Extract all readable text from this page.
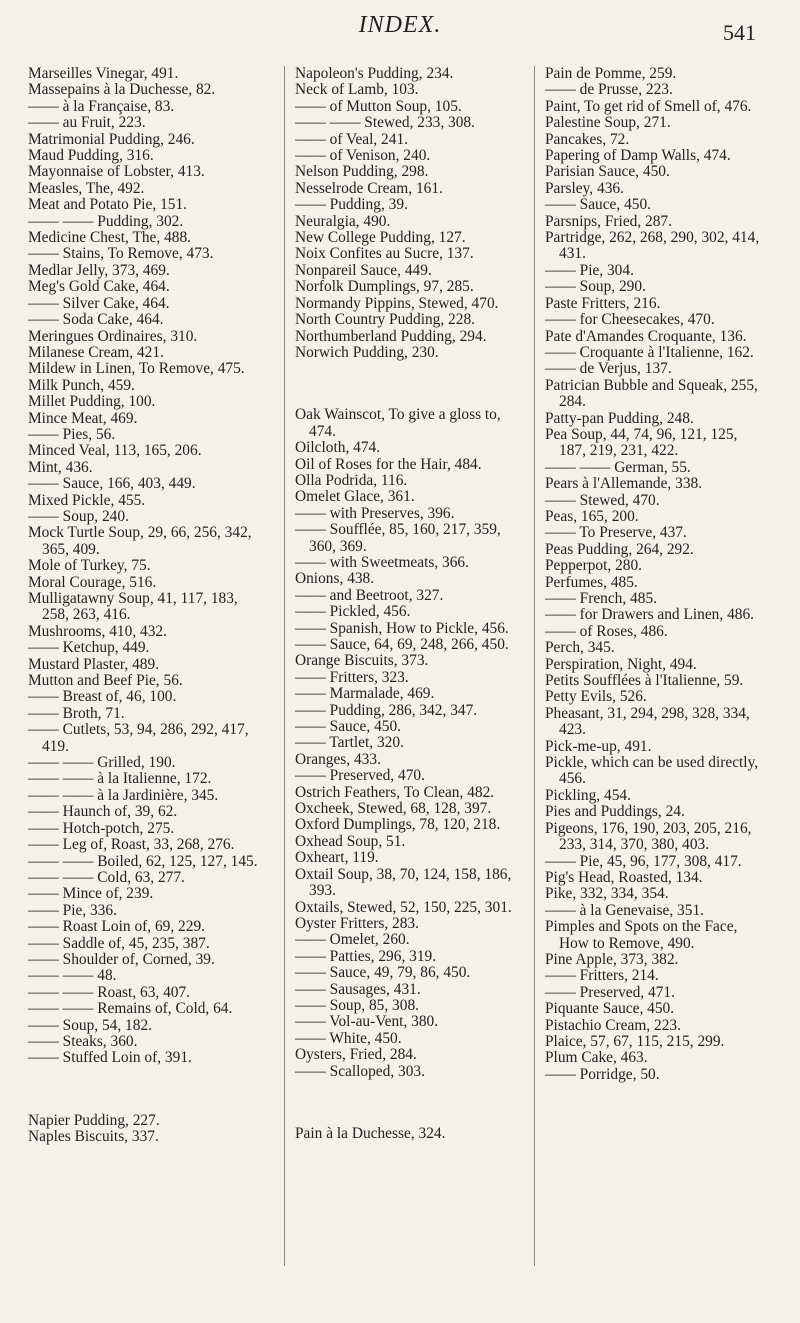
INDEX.	541

Marseilles Vinegar, 491.

Massepains à la Duchesse, 82.

—— à la Française, 83.

—— au Fruit, 223.

Matrimonial Pudding, 246.

Maud Pudding, 316.

Mayonnaise of Lobster, 413.

Measles, The, 492.

Meat and Potato Pie, 151.

—— —— Pudding, 302.

Medicine Chest, The, 488.

—— Stains, To Remove, 473.

Medlar Jelly, 373, 469.

Meg's Gold Cake, 464.

—— Silver Cake, 464.

—— Soda Cake, 464.

Meringues Ordinaires, 310.

Milanese Cream, 421.

Mildew in Linen, To Remove, 475.

Milk Punch, 459.

Millet Pudding, 100.

Mince Meat, 469.

—— Pies, 56.

Minced Veal, 113, 165, 206.

Mint, 436.

—— Sauce, 166, 403, 449.

Mixed Pickle, 455.

—— Soup, 240.

Mock Turtle Soup, 29, 66, 256, 342, 365, 409.

Mole of Turkey, 75.

Moral Courage, 516.

Mulligatawny Soup, 41, 117, 183, 258, 263, 416.

Mushrooms, 410, 432.

—— Ketchup, 449.

Mustard Plaster, 489.

Mutton and Beef Pie, 56.

—— Breast of, 46, 100.

—— Broth, 71.

—— Cutlets, 53, 94, 286, 292, 417, 419.

—— —— Grilled, 190.

—— —— à la Italienne, 172.

—— —— à la Jardinière, 345.

—— Haunch of, 39, 62.

—— Hotch-potch, 275.

—— Leg of, Roast, 33, 268, 276.

—— —— Boiled, 62, 125, 127, 145.

—— —— Cold, 63, 277.

—— Mince of, 239.

—— Pie, 336.

—— Roast Loin of, 69, 229.

—— Saddle of, 45, 235, 387.

—— Shoulder of, Corned, 39.

—— —— 48.

—— —— Roast, 63, 407.

—— —— Remains of, Cold, 64.

—— Soup, 54, 182.

—— Steaks, 360.

—— Stuffed Loin of, 391.

Napier Pudding, 227.

Naples Biscuits, 337.

Napoleon's Pudding, 234.

Neck of Lamb, 103.

—— of Mutton Soup, 105.

—— —— Stewed, 233, 308.

—— of Veal, 241.

—— of Venison, 240.

Nelson Pudding, 298.

Nesselrode Cream, 161.

—— Pudding, 39.

Neuralgia, 490.

New College Pudding, 127.

Noix Confites au Sucre, 137.

Nonpareil Sauce, 449.

Norfolk Dumplings, 97, 285.

Normandy Pippins, Stewed, 470.

North Country Pudding, 228.

Northumberland Pudding, 294.

Norwich Pudding, 230.

Oak Wainscot, To give a gloss to, 474.

Oilcloth, 474.

Oil of Roses for the Hair, 484.

Olla Podrida, 116.

Omelet Glace, 361.

—— with Preserves, 396.

—— Soufflée, 85, 160, 217, 359, 360, 369.

—— with Sweetmeats, 366.

Onions, 438.

—— and Beetroot, 327.

—— Pickled, 456.

—— Spanish, How to Pickle, 456.

—— Sauce, 64, 69, 248, 266, 450.

Orange Biscuits, 373.

—— Fritters, 323.

—— Marmalade, 469.

—— Pudding, 286, 342, 347.

—— Sauce, 450.

—— Tartlet, 320.

Oranges, 433.

—— Preserved, 470.

Ostrich Feathers, To Clean, 482.

Oxcheek, Stewed, 68, 128, 397.

Oxford Dumplings, 78, 120, 218.

Oxhead Soup, 51.

Oxheart, 119.

Oxtail Soup, 38, 70, 124, 158, 186, 393.

Oxtails, Stewed, 52, 150, 225, 301.

Oyster Fritters, 283.

—— Omelet, 260.

—— Patties, 296, 319.

—— Sauce, 49, 79, 86, 450.

—— Sausages, 431.

—— Soup, 85, 308.

—— Vol-au-Vent, 380.

—— White, 450.

Oysters, Fried, 284.

—— Scalloped, 303.

Pain à la Duchesse, 324.

Pain de Pomme, 259.

—— de Prusse, 223.

Paint, To get rid of Smell of, 476.

Palestine Soup, 271.

Pancakes, 72.

Papering of Damp Walls, 474.

Parisian Sauce, 450.

Parsley, 436.

—— Sauce, 450.

Parsnips, Fried, 287.

Partridge, 262, 268, 290, 302, 414, 431.

—— Pie, 304.

—— Soup, 290.

Paste Fritters, 216.

—— for Cheesecakes, 470.

Pate d'Amandes Croquante, 136.

—— Croquante à l'Italienne, 162.

—— de Verjus, 137.

Patrician Bubble and Squeak, 255, 284.

Patty-pan Pudding, 248.

Pea Soup, 44, 74, 96, 121, 125, 187, 219, 231, 422.

—— —— German, 55.

Pears à l'Allemande, 338.

—— Stewed, 470.

Peas, 165, 200.

—— To Preserve, 437.

Peas Pudding, 264, 292.

Pepperpot, 280.

Perfumes, 485.

—— French, 485.

—— for Drawers and Linen, 486.

—— of Roses, 486.

Perch, 345.

Perspiration, Night, 494.

Petits Soufflées à l'Italienne, 59.

Petty Evils, 526.

Pheasant, 31, 294, 298, 328, 334, 423.

Pick-me-up, 491.

Pickle, which can be used directly, 456.

Pickling, 454.

Pies and Puddings, 24.

Pigeons, 176, 190, 203, 205, 216, 233, 314, 370, 380, 403.

—— Pie, 45, 96, 177, 308, 417.

Pig's Head, Roasted, 134.

Pike, 332, 334, 354.

—— à la Genevaise, 351.

Pimples and Spots on the Face, How to Remove, 490.

Pine Apple, 373, 382.

—— Fritters, 214.

—— Preserved, 471.

Piquante Sauce, 450.

Pistachio Cream, 223.

Plaice, 57, 67, 115, 215, 299.

Plum Cake, 463.

—— Porridge, 50.
